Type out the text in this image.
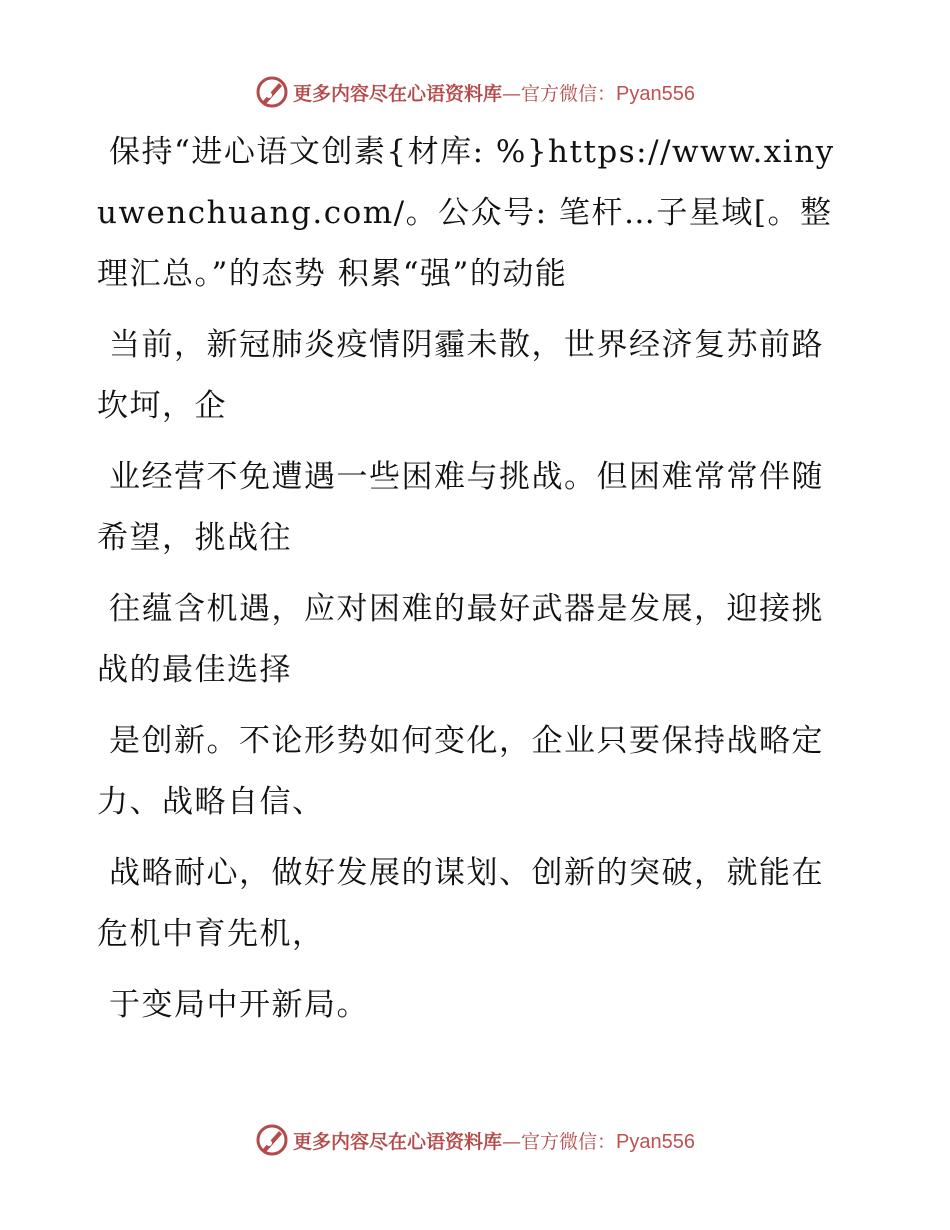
更多内容尽在心语资料库—官方微信：Pyan556

保持“进心语文创素{材库: %}https://www.xinyuwenchuang.com/。公众号: 笔杆…子星域[。整理汇总。”的态势 积累“强”的动能

当前，新冠肺炎疫情阴霾未散，世界经济复苏前路坎坷，企

业经营不免遭遇一些困难与挑战。但困难常常伴随希望，挑战往

往蕴含机遇，应对困难的最好武器是发展，迎接挑战的最佳选择

是创新。不论形势如何变化，企业只要保持战略定力、战略自信、

战略耐心，做好发展的谋划、创新的突破，就能在危机中育先机，

于变局中开新局。

更多内容尽在心语资料库—官方微信：Pyan556
